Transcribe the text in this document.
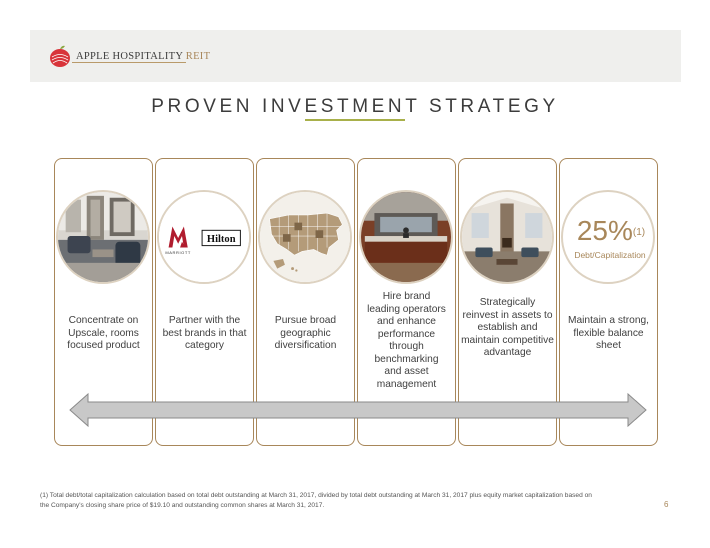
APPLE HOSPITALITY REIT
PROVEN INVESTMENT STRATEGY
MARRIOTT
Hilton	25%$^{(1)}$
Debt/Capitalization
Concentrate on Upscale, rooms focused product
Partner with the best brands in that category
Pursue broad geographic diversification
Hire brand leading operators and enhance performance through benchmarking and asset management
Strategically reinvest in assets to establish and maintain competitive advantage
Maintain a strong, flexible balance sheet
(1) Total debt/total capitalization calculation based on total debt outstanding at March 31, 2017, divided by total debt outstanding at March 31, 2017 plus equity market capitalization based on the Company's closing share price of $19.10 and outstanding common shares at March 31, 2017.	6
